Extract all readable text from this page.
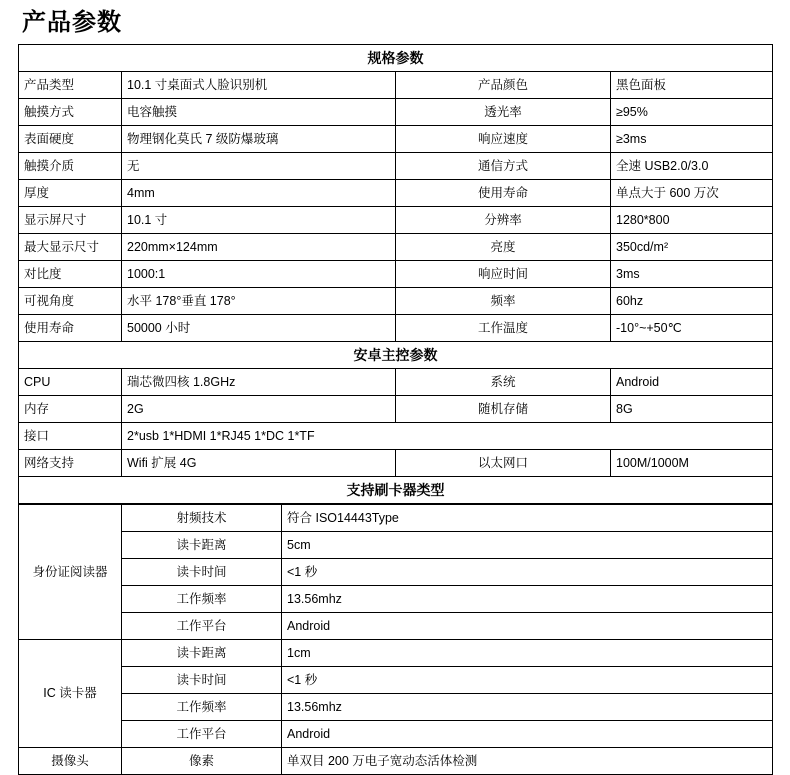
产品参数
规格参数			
产品类型	10.1 寸桌面式人脸识别机	产品颜色	黑色面板
触摸方式	电容触摸	透光率	≥95%
表面硬度	物理钢化莫氏 7 级防爆玻璃	响应速度	≥3ms
触摸介质	无	通信方式	全速 USB2.0/3.0
厚度	4mm	使用寿命	单点大于 600 万次
显示屏尺寸	10.1 寸	分辨率	1280*800
最大显示尺寸	220mm×124mm	亮度	350cd/m²
对比度	1000:1	响应时间	3ms
可视角度	水平 178°垂直 178°	频率	60hz
使用寿命	50000 小时	工作温度	-10°~+50℃
安卓主控参数			
CPU	瑞芯微四核 1.8GHz	系统	Android
内存	2G	随机存储	8G
接口	2*usb 1*HDMI 1*RJ45 1*DC 1*TF		
网络支持	Wifi 扩展 4G	以太网口	100M/1000M
支持刷卡器类型			
身份证阅读器	射频技术	符合 ISO14443Type
	读卡距离	5cm
	读卡时间	<1 秒
	工作频率	13.56mhz
	工作平台	Android
IC 读卡器	读卡距离	1cm
	读卡时间	<1 秒
	工作频率	13.56mhz
	工作平台	Android
摄像头	像素	单双目 200 万电子宽动态活体检测
